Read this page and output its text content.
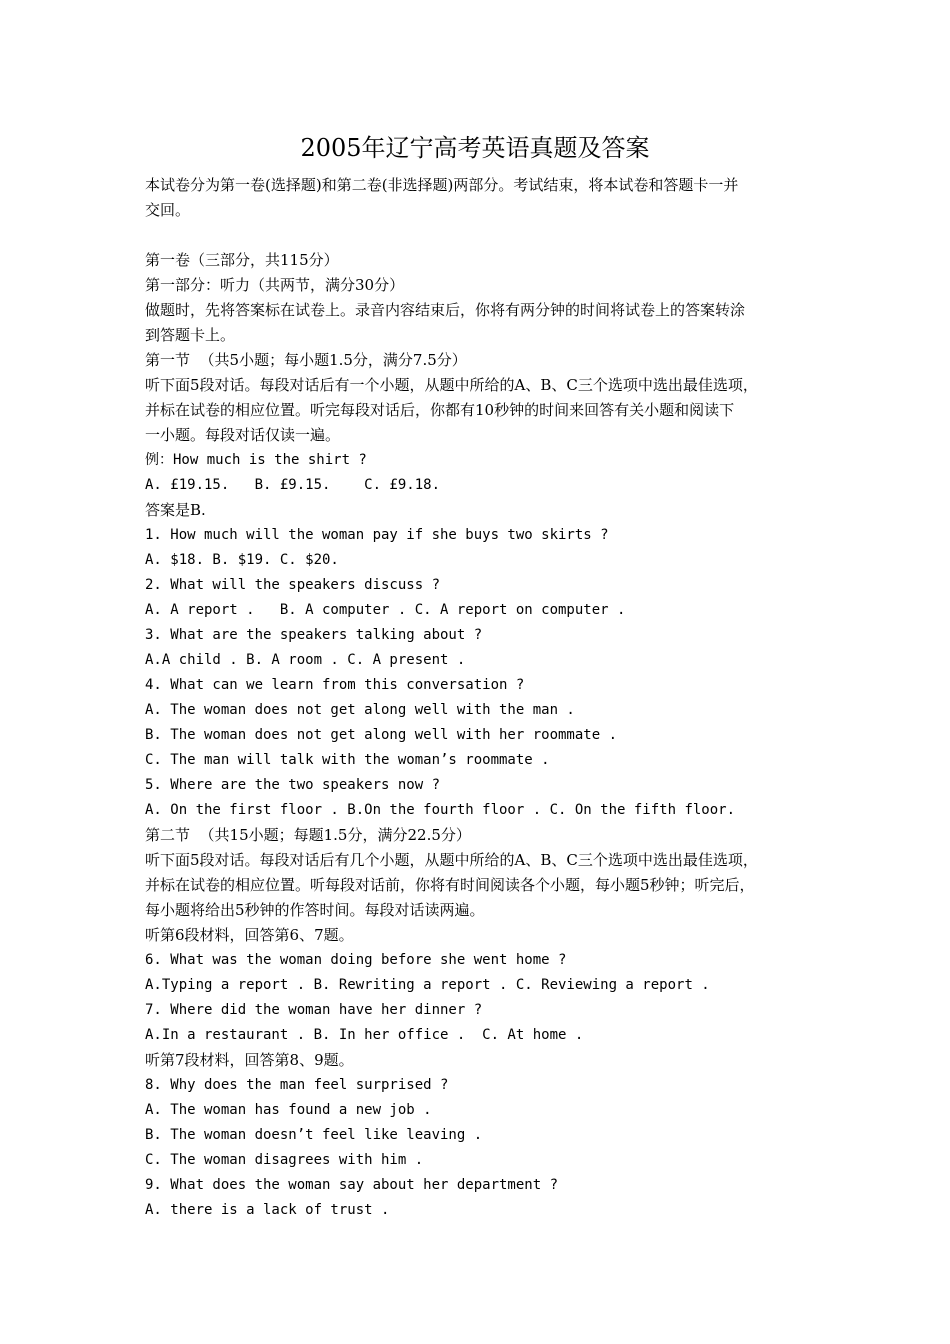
2005年辽宁高考英语真题及答案
本试卷分为第一卷(选择题)和第二卷(非选择题)两部分。考试结束，将本试卷和答题卡一并
交回。
第一卷（三部分，共115分）
第一部分：听力（共两节，满分30分）
做题时，先将答案标在试卷上。录音内容结束后，你将有两分钟的时间将试卷上的答案转涂
到答题卡上。
第一节  （共5小题；每小题1.5分，满分7.5分）
听下面5段对话。每段对话后有一个小题，从题中所给的A、B、C三个选项中选出最佳选项，
并标在试卷的相应位置。听完每段对话后，你都有10秒钟的时间来回答有关小题和阅读下
一小题。每段对话仅读一遍。
例：How much is the shirt ?
A. £19.15.   B. £9.15.    C. £9.18.
答案是B.
1. How much will the woman pay if she buys two skirts ?
A. $18. B. $19. C. $20.
2. What will the speakers discuss ?
A. A report .   B. A computer . C. A report on computer .
3. What are the speakers talking about ?
A.A child . B. A room . C. A present .
4. What can we learn from this conversation ?
A. The woman does not get along well with the man .
B. The woman does not get along well with her roommate .
C. The man will talk with the woman’s roommate .
5. Where are the two speakers now ?
A. On the first floor . B.On the fourth floor . C. On the fifth floor.
第二节  （共15小题；每题1.5分，满分22.5分）
听下面5段对话。每段对话后有几个小题，从题中所给的A、B、C三个选项中选出最佳选项，
并标在试卷的相应位置。听每段对话前，你将有时间阅读各个小题，每小题5秒钟；听完后，
每小题将给出5秒钟的作答时间。每段对话读两遍。
听第6段材料，回答第6、7题。
6. What was the woman doing before she went home ?
A.Typing a report . B. Rewriting a report . C. Reviewing a report .
7. Where did the woman have her dinner ?
A.In a restaurant . B. In her office .  C. At home .
听第7段材料，回答第8、9题。
8. Why does the man feel surprised ?
A. The woman has found a new job .
B. The woman doesn’t feel like leaving .
C. The woman disagrees with him .
9. What does the woman say about her department ?
A. there is a lack of trust .
